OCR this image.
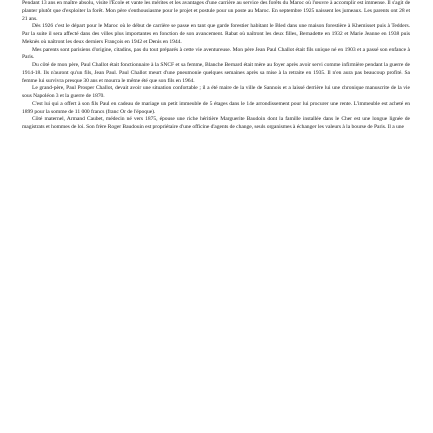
Pendant 13 ans en maître absolu, visite l'École et vante les mérites et les avantages d'une carrière au service des forêts du Maroc où l'œuvre à accomplir est immense. Il s'agit de planter plutôt que d'exploiter la forêt. Mon père s'enthousiasme pour le projet et postule pour un poste au Maroc. En septembre 1925 naissent les jumeaux. Les parents ont 28 et 21 ans.

Dès 1926 c'est le départ pour le Maroc où le début de carrière se passe en tant que garde forestier habitant le Bled dans une maison forestière à Khemisset puis à Tedders. Par la suite il sera affecté dans des villes plus importantes en fonction de son avancement. Rabat où naîtront les deux filles, Bernadette en 1932 et Marie Jeanne en 1938 puis Meknès où naîtront les deux derniers François en 1942 et Denis en 1944.

Mes parents sont parisiens d'origine, citadins, pas du tout préparés à cette vie aventureuse. Mon père Jean Paul Challot était fils unique né en 1903 et a passé son enfance à Paris.

Du côté de mon père, Paul Challot était fonctionnaire à la SNCF et sa femme, Blanche Bernard était mère au foyer après avoir servi comme infirmière pendant la guerre de 1914-18. Ils n'auront qu'un fils, Jean Paul. Paul Challot meurt d'une pneumonie quelques semaines après sa mise à la retraite en 1935. Il n'en aura pas beaucoup profité. Sa femme lui survivra presque 30 ans et mourra le même été que son fils en 1964.

Le grand-père, Paul Prosper Challot, devait avoir une situation confortable ; il a été maire de la ville de Sannois et a laissé derrière lui une chronique manuscrite de la vie sous Napoléon 3 et la guerre de 1870.

C'est lui qui a offert à son fils Paul en cadeau de mariage un petit immeuble de 5 étages dans le 14e arrondissement pour lui procurer une rente. L'immeuble est acheté en 1899 pour la somme de 11 000 francs (franc Or de l'époque).

Côté maternel, Armand Caubet, médecin né vers 1875, épouse une riche héritière Marguerite Baudoin dont la famille installée dans le Cher est une longue lignée de magistrats et hommes de loi. Son frère Roger Baudouin est propriétaire d'une officine d'agents de change, seuls organismes à échanger les valeurs à la bourse de Paris. Il a une
